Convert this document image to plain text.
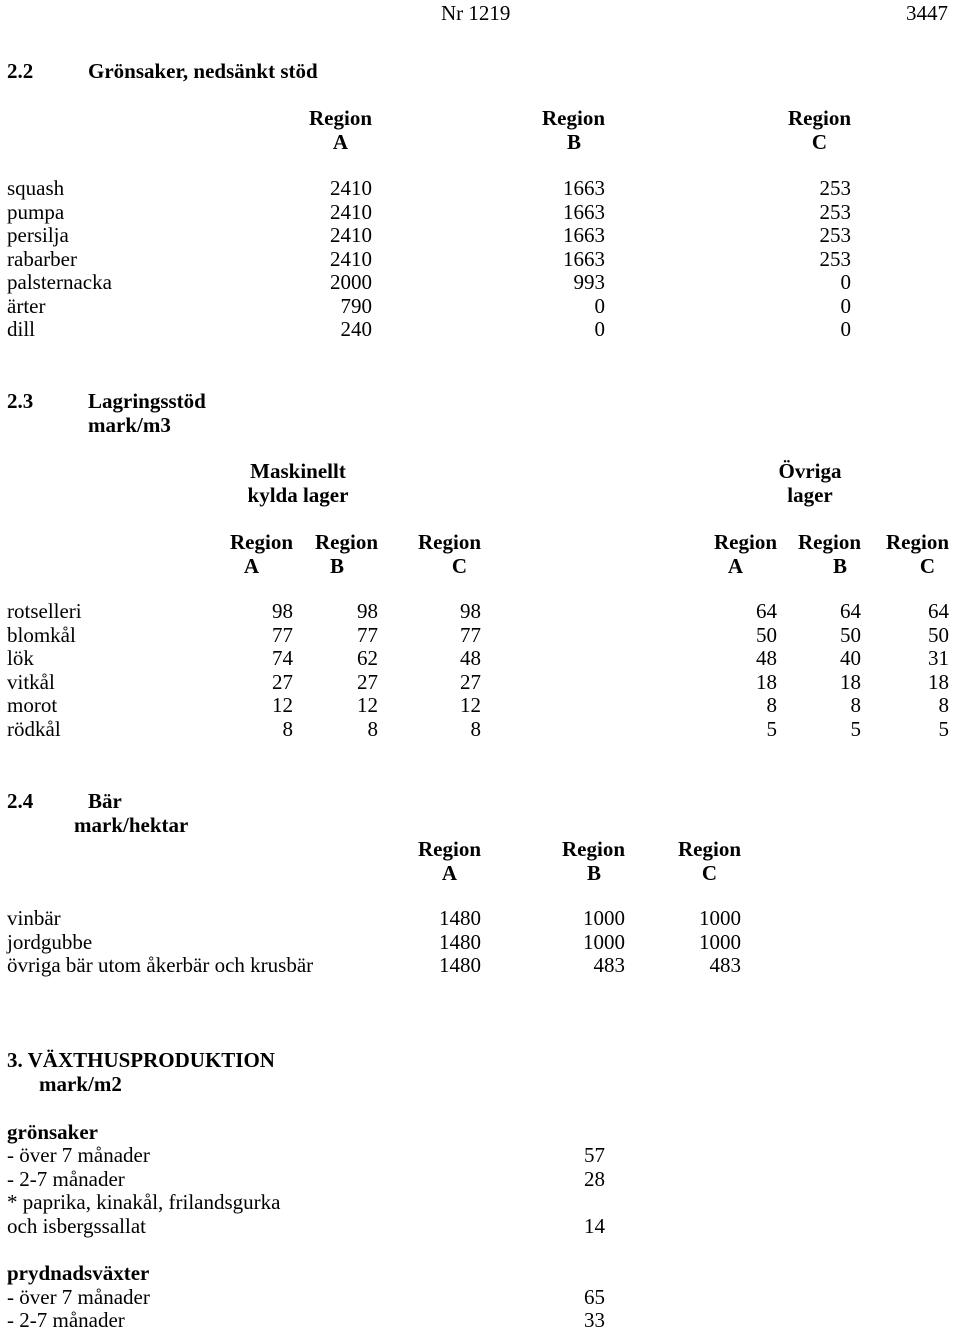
Nr 1219	3447
2.2	Grönsaker, nedsänkt stöd
Region
A
Region
B
Region
C
squash	2410	1663	253
pumpa	2410	1663	253
persilja	2410	1663	253
rabarber	2410	1663	253
palsternacka	2000	993	0
ärter	790	0	0
dill	240	0	0
2.3	Lagringsstöd
mark/m3
Maskinellt
kylda lager
Övriga
lager
Region
A
Region
B
Region
C
Region
A
Region
B
Region
C
rotselleri	98	98	98	64	64	64
blomkål	77	77	77	50	50	50
lök	74	62	48	48	40	31
vitkål	27	27	27	18	18	18
morot	12	12	12	8	8	8
rödkål	8	8	8	5	5	5
2.4	Bär
mark/hektar
Region
A
Region
B
Region
C
vinbär	1480	1000	1000
jordgubbe	1480	1000	1000
övriga bär utom åkerbär och krusbär	1480	483	483
3. VÄXTHUSPRODUKTION
mark/m2
grönsaker
- över 7 månader	57
- 2-7 månader	28
* paprika, kinakål, frilandsgurka
och isbergssallat	14
prydnadsväxter
- över 7 månader	65
- 2-7 månader	33
